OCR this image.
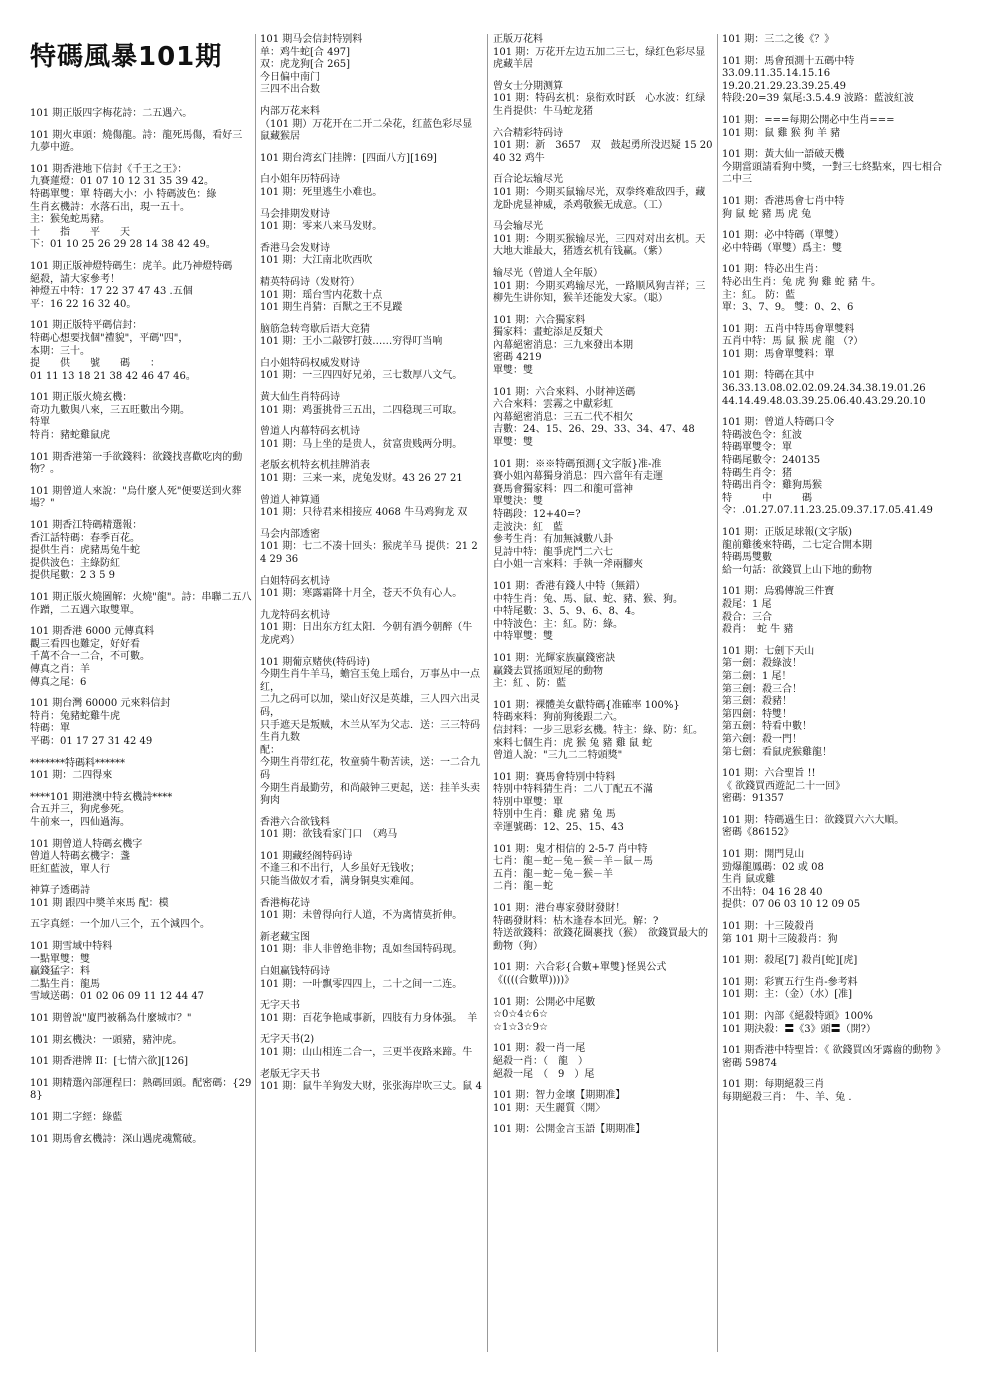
特碼風暴101期
101 期正版四字梅花詩：二五遇六。
101 期火車頭：燒傷龍。詩：龍死馬傷，看好三九夢中遊。
101 期香港地下信封《千王之王》：
九賽蓮燈：01 07 10 12 31 35 39 42。
特碼單雙：單 特碼大小：小 特碼波色：綠
生肖玄機詩：水落石出，現一五十。
主：猴兔蛇馬豬。
十　　指　　平　　天
下：01 10 25 26 29 28 14 38 42 49。
101 期正版神燈特碼生：虎羊。此乃神燈特碼
絕殺，請大家參考！
神燈五中特：17 22 37 47 43 .五個
平：16 22 16 32 40。
101 期正版特平碼信封：
特碼心想要找個"禮貌"，平碼"四"，
本期：三十。
提　　供　　號　　碼　　：
01 11 13 18 21 38 42 46 47 46。
101 期正版火燒玄機：
奇功九數與八來，三五旺數出今期。
特單
特肖：豬蛇雞鼠虎
101 期香港第一手欲錢料：欲錢找喜歡吃肉的動物？。
101 期曾道人來說："烏什麼人死"便要送到火葬場？"
101 期香江特碼精選報：
香江話特碼：春季百花。
提供生肖：虎豬馬兔牛蛇
提供波色：主綠防紅
提供尾數：2 3 5 9
101 期正版火燒圖解：火燒"龍"。詩：串聯二五八作蹭，二五遇六取雙單。
101 期香港 6000 元傳真料
觀三看四也難定，好好看
千萬不合一二合，不可數。
傳真之肖：羊
傳真之尾：6
101 期台灣 60000 元來料信封
特肖：兔豬蛇雞牛虎
特碼：單
平碼：01 17 27 31 42 49
*******特碼料******
101 期：二四得來
****101 期港澳中特玄機詩****
合五并三，狗虎參死。
牛前來一，四仙過海。
101 期曾道人特碼玄機字
曾道人特碼玄機字：盞
旺紅藍波，單人行
神算子透碼詩
101 期 跟四中奬羊來馬 配：模
五字真經：一个加八三个，五个減四个。
101 期雪域中特料
一點單雙：雙
贏錢猛字：料
二點生肖：龍馬
雪域送碼：01 02 06 09 11 12 44 47
101 期曾說"廈門被稱為什麼城市？"
101 期玄機決：一頭豬，豬沖虎。
101 期香港牌 II：[七情六欲][126]
101 期精選內部運程曰：熱碼回頭。配密碼：{298}
101 期二字經：綠藍
101 期馬會玄機詩：深山遇虎魂驚破。
101 期马会信封特别料
单：鸡牛蛇[合 497]
双：虎龙狗[合 265]
今日偏中南门
三四不出合数
内部万花来料
（101 期）万花开在二开二朵花，红蓝色彩尽显鼠藏猴居
101 期台湾玄门挂牌：[四面八方][169]
白小姐年历特码诗
101 期：死里逃生小难也。
马会排期发财诗
101 期：零来八来马发财。
香港马会发财诗
101 期：大江南北吹西吹
精英特码诗（发财符）
101 期：瑶台雪内花数十点
101 期生肖猜：百獸之王不見蹤
脑筋急转弯歇后语大竞猜
101 期：王小二敲锣打鼓……穷得叮当响
白小姐特码权威发财诗
101 期：一三四四好兄弟，三七数厚八文气。
黄大仙生肖特码诗
101 期：鸡蛋挑骨三五出，二四稳现三可取。
曾道人内幕特码玄机诗
101 期：马上坐的是贵人，贫富贵贱两分明。
老版玄机特玄机挂牌消表
101 期：三来一来，虎兔发财。43 26 27 21
曾道人神算通
101 期：只待君来相接应 4068 牛马鸡狗龙 双
马会内部透密
101 期：七二不凑十回头：猴虎羊马 提供：21 24 29 36
白姐特码玄机诗
101 期：寒露霜降十月全，苍天不负有心人。
九龙特码玄机诗
101 期：日出东方红太阳．今朝有酒今朝醉（牛龙虎鸡）
101 期葡京赌侠(特码诗)
今期生肖牛羊马，蟾宫玉兔上瑶台，万事丛中一点红，
二九之码可以加，梁山好汉是英雄，三人四六出灵码，
只手遮天是叛贼，木兰从军为父志．送：三三特码生肖九数
配：
今期生肖带红花，牧童骑牛勒苦读，送：一二合九码
今期生肖最勤劳，和尚敲钟三更起，送：挂羊头卖狗肉
香港六合欲钱料
101 期：欲钱看家门口　（鸡马
101 期藏经阁特码诗
不逢三和不出行，人乡虽好无钱收；
只能当做奴才看，满身铜臭实难闻。
香港梅花诗
101 期：未曾得向行人道，不为离情莫折伸。
新老藏宝图
101 期：非人非曾绝非物；乱如叁国特码现。
白姐赢钱特码诗
101 期：一叶飘零四四上，二十之间一二连。
无字天书
101 期：百花争艳咸事新，四肢有力身体强。　羊
无字天书(2)
101 期：山山相连二合一，三更半夜路来蹄。牛
老版无字天书
101 期：鼠牛羊狗发大财，张张海岸吹三丈。鼠 4
正版万花料
101 期：万花开左边五加二三七，绿红色彩尽显虎藏羊居
曾女士分期测算
101 期：特码玄机：泉衔欢时跃　心水波：红绿　　生肖提供：牛马蛇龙猪
六合精彩特码诗
101 期：新　3657　双　鼓起勇所没迟疑 15 20 40 32 鸡牛
百合论坛输尽光
101 期：今期买鼠输尽光，双拳终难敌四手，藏龙卧虎显神威，杀鸡敬猴无成意。（工）
马会输尽光
101 期：今期买猴输尽光，三四对对出玄机。天大地大谁最大，猪透玄机有钱赢。（紫）
输尽光（曾道人全年版）
101 期：今期买鸡输尽光，一路顺风狗吉祥；三柳先生讲你知，猴羊还能发大家。（聪）
101 期：六合獨家料
獨家料：畫蛇添足反類犬
內幕絕密消息：三九來發出本期
密碼 4219
單雙：雙
101 期：六合來料、小財神送碼
六合來料：雲霧之中獻彩虹
內幕絕密消息：三五二代不相欠
吉數：24、15、26、29、33、34、47、48
單雙：雙
101 期：※※特碼預測{文字版}准-准
賽小姐內幕獨身消息：四六當年有走運
賽馬會獨家料：四二和龍可當神
單雙決：雙
特碼段：12+40=?
走波決：紅　藍
參考生肖：有加無減數八卦
見詩中特：龍爭虎鬥二六七
白小姐一言來料：手執一斧兩腳夾
101 期：香港有錢人中特（無錯）
中特生肖：兔、馬、鼠、蛇、豬、猴、狗。
中特尾數：3、5、9、6、8、4。
中特波色：主：紅。防：綠。
中特單雙：雙
101 期：光輝家族贏錢密訣
贏錢去買搖頭短尾的動物
主：紅 、防：藍
101 期：裸體美女獻特碼{准確率 100%}
特碼來料：狗前狗後跟二六。
信封料：一步三思彩玄機。特主：綠、防：紅。
來料七個生肖：虎 猴 兔 豬 雞 鼠 蛇
曾道人說："三九二二特頭獎"
101 期：賽馬會特別中特料
特別中特料猜生肖：二八丁配五不滿
特別中單雙：單
特別中生肖：雞 虎 豬 兔 馬
幸運號碼：12、25、15、43
101 期：鬼才相信的 2-5-7 肖中特
七肖：龍－蛇－兔－猴－羊－鼠－馬
五肖：龍－蛇－兔－猴－羊
二肖：龍－蛇
101 期：港台專家發財發財！
特碼發財料：枯木逢春本回光。解：?
特送欲錢料：欲錢花圈裹找（猴）　欲錢買最大的動物（狗）
101 期：六合彩{合數+單雙}怪異公式
《((((合數單))))》
101 期：公開必中尾數
☆0☆4☆6☆
☆1☆3☆9☆
101 期：殺一肖一尾
絕殺一肖：（　龍　）
絕殺一尾　（　9　）尾
101 期：智力金壞【期期准】
101 期：天生麗質〈開〉
101 期：公開金言玉語【期期准】
101 期：三二之後《？》
101 期：馬會預測十五碼中特
33.09.11.35.14.15.16
19.20.21.29.23.39.25.49
特段:20=39 氣尾:3.5.4.9 波路：藍波紅波
101 期：===每期公開必中生肖===
101 期：鼠 雞 猴 狗 羊 豬
101 期：黃大仙一語破天機
今期當頭請看狗中獎，一對三七終點來，四七相合二中三
101 期：香港馬會七肖中特
狗 鼠 蛇 豬 馬 虎 兔
101 期：必中特碼（單雙）
必中特碼（單雙）爲主：雙
101 期：特必出生肖：
特必出生肖：兔 虎 狗 雞 蛇 豬 牛。
主：紅。 防：藍
單：3、7、9。 雙：0、2、6
101 期：五肖中特馬會單雙料
五肖中特：馬 鼠 猴 虎 龍 （?）
101 期：馬會單雙料：單
101 期：特碼在其中
36.33.13.08.02.02.09.24.34.38.19.01.26
44.14.49.48.03.39.25.06.40.43.29.20.10
101 期：曾道人特碼口令
特碼波色令：紅波
特碼單雙令：單
特碼尾數令：240135
特碼生肖令：猪
特碼出肖令：雞狗馬猴
特　　　中　　　碼
令：.01.27.07.11.23.25.09.37.17.05.41.49
101 期：正版足球報(文字版)
龍前雞後來特碼，二七定合開本期
特碼馬雙數
給一句話：欲錢買上山下地的動物
101 期：烏鴉傳說三件寶
殺尾：1 尾
殺合：三合
殺肖：　蛇 牛 豬
101 期：七劍下天山
第一劍：殺綠波！
第二劍：1 尾！
第三劍：殺三合！
第三劍：殺豬！
第四劍：特雙！
第五劍：特看中數！
第六劍：殺一門！
第七劍：看鼠虎猴雞龍！
101 期：六合聖旨 !!
《 欲錢買西遊記二十一回》
密碼：91357
101 期：特碼過生日：欲錢買六六大順。
密碼《86152》
101 期：開門見山
勁爆龍鳳碼：02 或 08
生肖 鼠或雞
不出特：04 16 28 40
提供：07 06 03 10 12 09 05
101 期：十三陵殺肖
第 101 期十三陵殺肖：狗
101 期：殺尾[7] 殺肖[蛇][虎]
101 期：彩實五行生肖-參考料
101 期：主：（金）（水）[准]
101 期：內部《絕殺特頭》100%
101 期決殺：〓《3》頭〓（開?）
101 期香港中特聖旨：《 欲錢買凶牙露齒的動物 》密碼 59874
101 期：每期絕殺三肖
每期絕殺三肖： 牛、羊、兔 .
